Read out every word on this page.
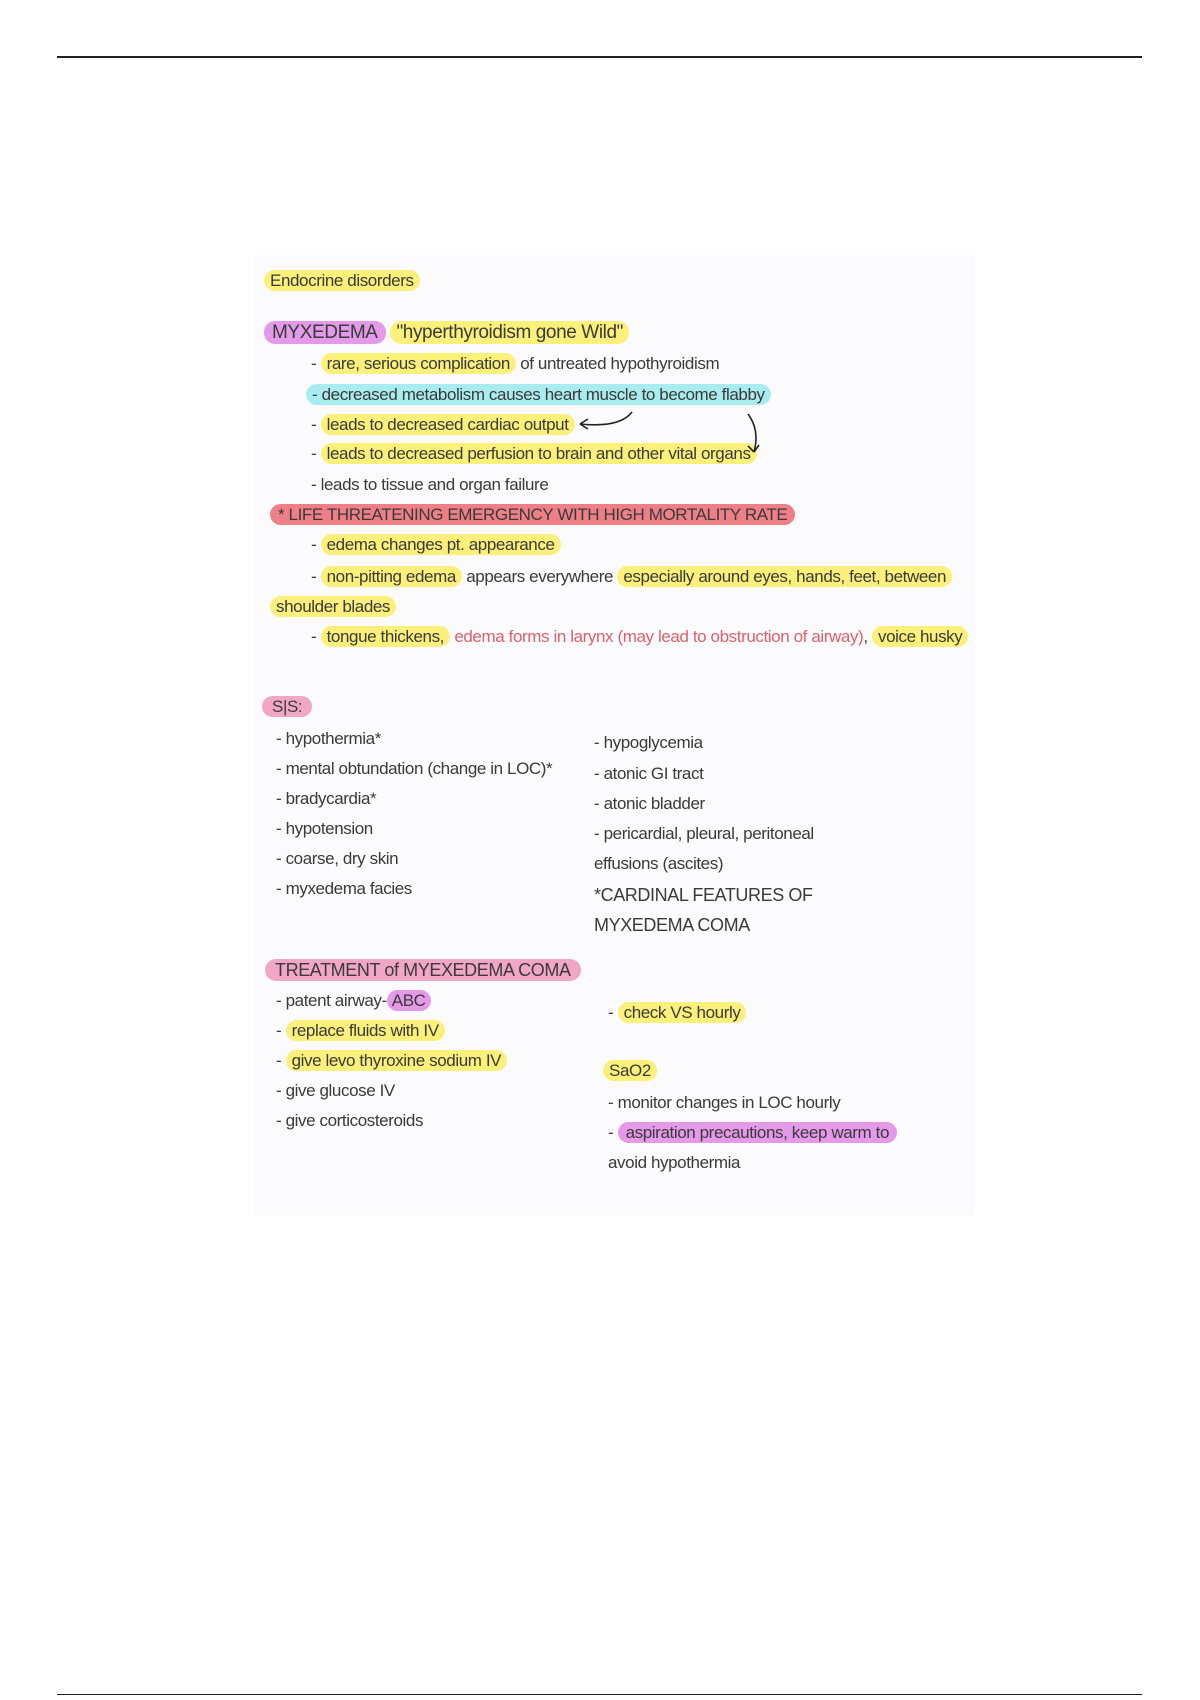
Endocrine disorders
MYXEDEMA "hyperthyroidism gone Wild"
- rare, serious complication of untreated hypothyroidism
- decreased metabolism causes heart muscle to become flabby
- leads to decreased cardiac output
- leads to decreased perfusion to brain and other vital organs
- leads to tissue and organ failure
* LIFE THREATENING EMERGENCY WITH HIGH MORTALITY RATE
- edema changes pt. appearance
- non-pitting edema appears everywhere especially around eyes, hands, feet, between
shoulder blades
- tongue thickens, edema forms in larynx (may lead to obstruction of airway), voice husky
S|S:
- hypothermia*
- mental obtundation (change in LOC)*
- bradycardia*
- hypotension
- coarse, dry skin
- myxedema facies
- hypoglycemia
- atonic GI tract
- atonic bladder
- pericardial, pleural, peritoneal
effusions (ascites)
*CARDINAL FEATURES OF
MYXEDEMA COMA
TREATMENT of MYEXEDEMA COMA
- patent airway- ABC
- replace fluids with IV
- give levo thyroxine sodium IV
- give glucose IV
- give corticosteroids
- check VS hourly
SaO2
- monitor changes in LOC hourly
- aspiration precautions, keep warm to
avoid hypothermia
